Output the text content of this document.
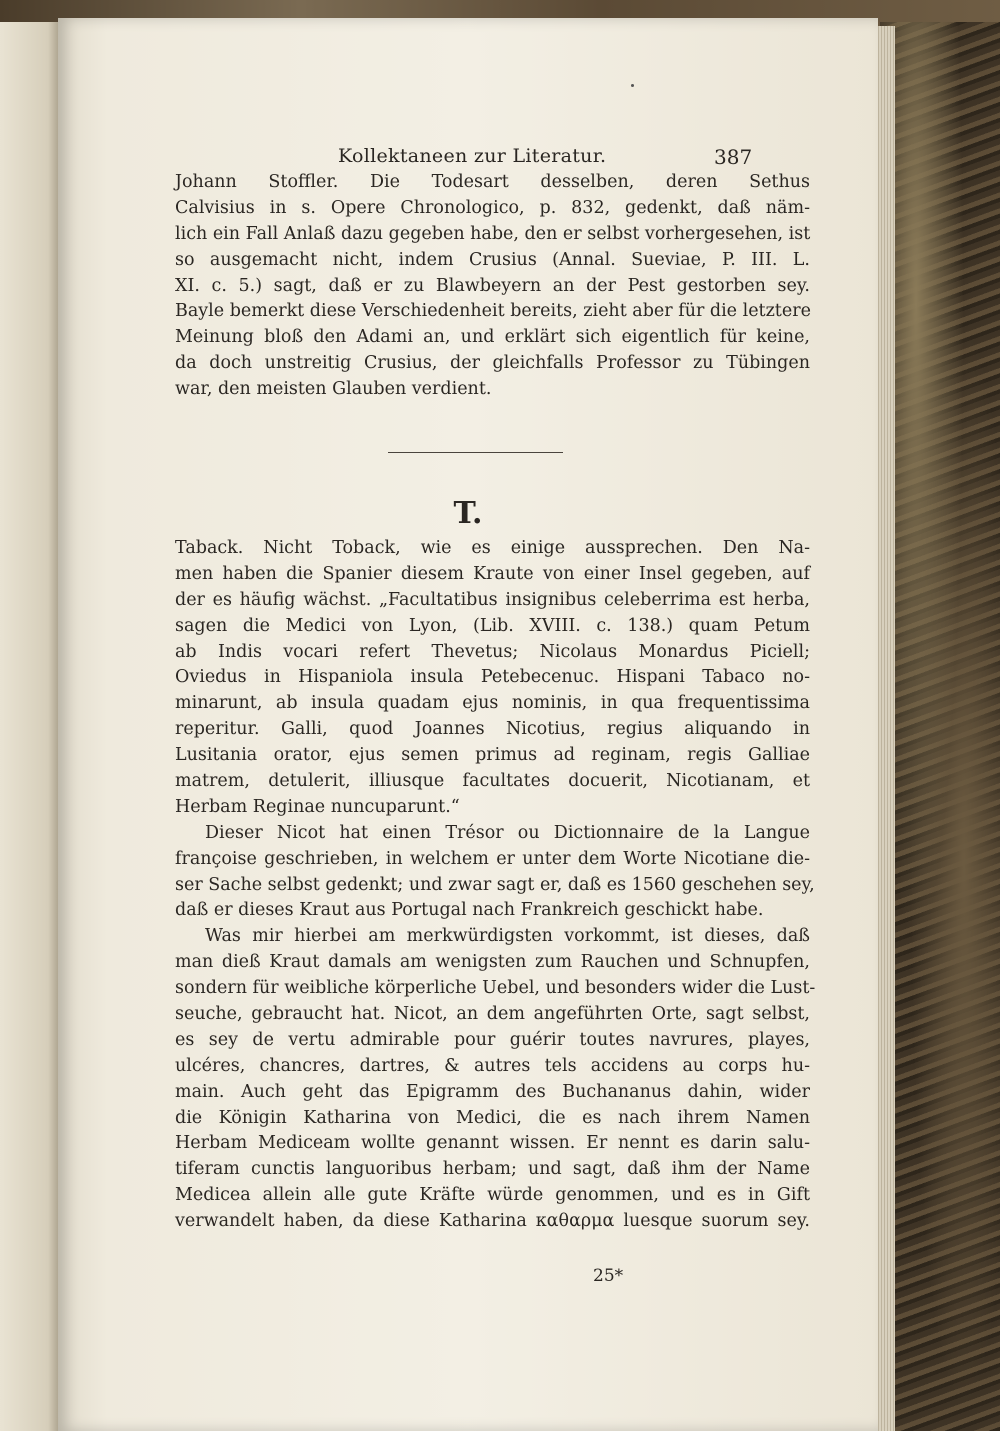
Kollektaneen zur Literatur.	387
Johann Stoffler. Die Todesart desselben, deren Sethus
Calvisius in s. Opere Chronologico, p. 832, gedenkt, daß näm-
lich ein Fall Anlaß dazu gegeben habe, den er selbst vorhergesehen, ist
so ausgemacht nicht, indem Crusius (Annal. Sueviae, P. III. L.
XI. c. 5.) sagt, daß er zu Blawbeyern an der Pest gestorben sey.
Bayle bemerkt diese Verschiedenheit bereits, zieht aber für die letztere
Meinung bloß den Adami an, und erklärt sich eigentlich für keine,
da doch unstreitig Crusius, der gleichfalls Professor zu Tübingen
war, den meisten Glauben verdient.
T.
Taback. Nicht Toback, wie es einige aussprechen. Den Na-
men haben die Spanier diesem Kraute von einer Insel gegeben, auf
der es häufig wächst. „Facultatibus insignibus celeberrima est herba,
sagen die Medici von Lyon, (Lib. XVIII. c. 138.) quam Petum
ab Indis vocari refert Thevetus; Nicolaus Monardus Piciell;
Oviedus in Hispaniola insula Petebecenuc. Hispani Tabaco no-
minarunt, ab insula quadam ejus nominis, in qua frequentissima
reperitur. Galli, quod Joannes Nicotius, regius aliquando in
Lusitania orator, ejus semen primus ad reginam, regis Galliae
matrem, detulerit, illiusque facultates docuerit, Nicotianam, et
Herbam Reginae nuncuparunt.“
Dieser Nicot hat einen Trésor ou Dictionnaire de la Langue
françoise geschrieben, in welchem er unter dem Worte Nicotiane die-
ser Sache selbst gedenkt; und zwar sagt er, daß es 1560 geschehen sey,
daß er dieses Kraut aus Portugal nach Frankreich geschickt habe.
Was mir hierbei am merkwürdigsten vorkommt, ist dieses, daß
man dieß Kraut damals am wenigsten zum Rauchen und Schnupfen,
sondern für weibliche körperliche Uebel, und besonders wider die Lust-
seuche, gebraucht hat. Nicot, an dem angeführten Orte, sagt selbst,
es sey de vertu admirable pour guérir toutes navrures, playes,
ulcéres, chancres, dartres, & autres tels accidens au corps hu-
main. Auch geht das Epigramm des Buchananus dahin, wider
die Königin Katharina von Medici, die es nach ihrem Namen
Herbam Mediceam wollte genannt wissen. Er nennt es darin salu-
tiferam cunctis languoribus herbam; und sagt, daß ihm der Name
Medicea allein alle gute Kräfte würde genommen, und es in Gift
verwandelt haben, da diese Katharina καθαρμα luesque suorum sey.
25*
